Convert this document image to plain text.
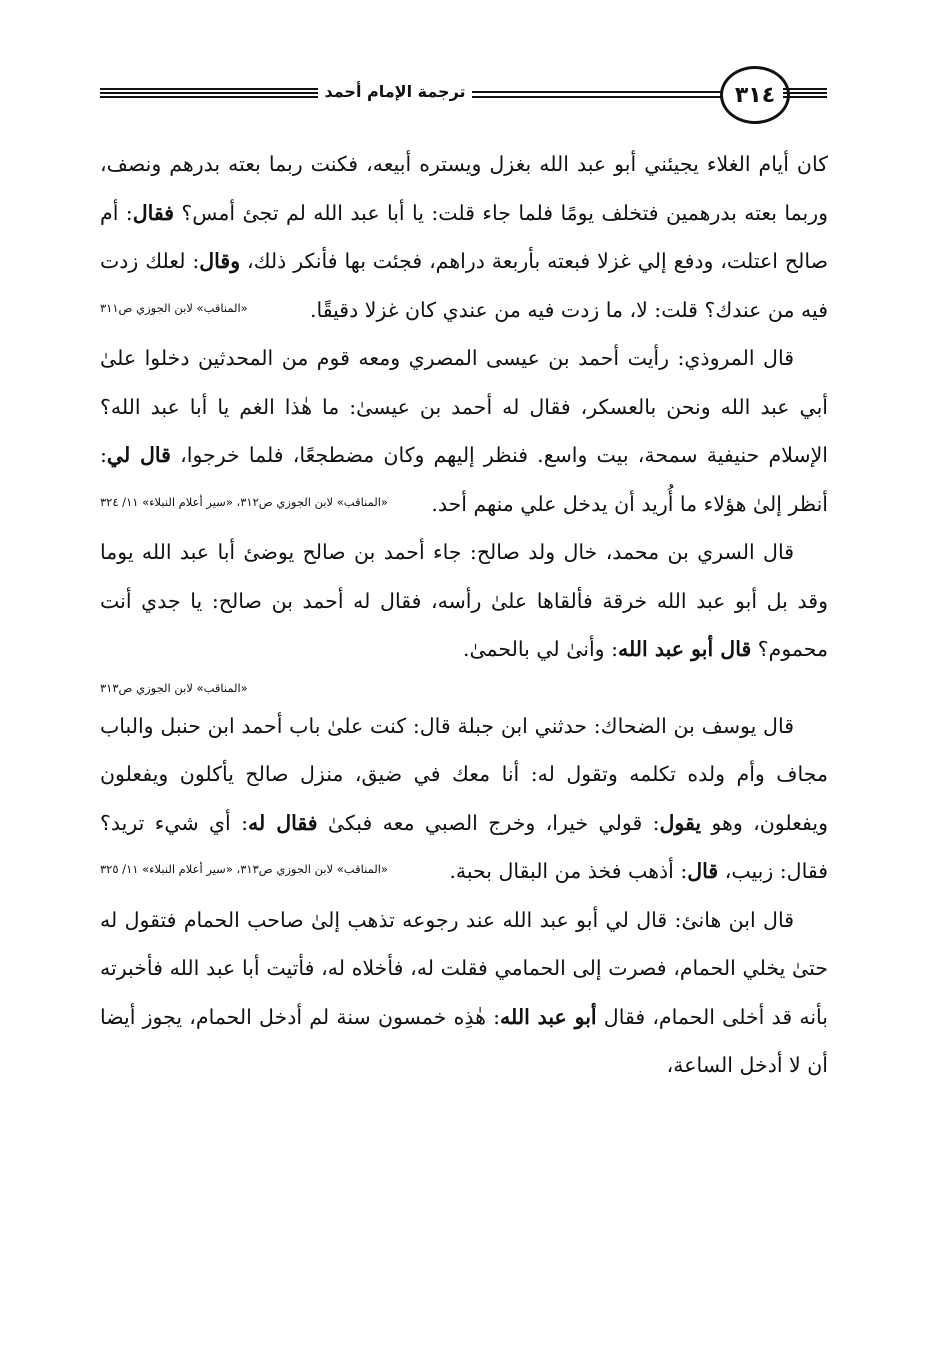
ترجمة الإمام أحمد	٣١٤

كان أيام الغلاء يجيئني أبو عبد الله بغزل ويستره أبيعه، فكنت ربما بعته بدرهم ونصف، وربما بعته بدرهمين فتخلف يومًا فلما جاء قلت: يا أبا عبد الله لم تجئ أمس؟ فقال: أم صالح اعتلت، ودفع إلي غزلا فبعته بأربعة دراهم، فجئت بها فأنكر ذلك، وقال: لعلك زدت فيه من عندك؟ قلت: لا، ما زدت فيه من عندي كان غزلا دقيقًا.
«المناقب» لابن الجوزي ص٣١١

قال المروذي: رأيت أحمد بن عيسى المصري ومعه قوم من المحدثين دخلوا علىٰ أبي عبد الله ونحن بالعسكر، فقال له أحمد بن عيسىٰ: ما هٰذا الغم يا أبا عبد الله؟ الإسلام حنيفية سمحة، بيت واسع. فنظر إليهم وكان مضطجعًا، فلما خرجوا، قال لي: أنظر إلىٰ هؤلاء ما أُريد أن يدخل علي منهم أحد.
«المناقب» لابن الجوزي ص٣١٢، «سير أعلام النبلاء» ١١/ ٣٢٤

قال السري بن محمد، خال ولد صالح: جاء أحمد بن صالح يوضئ أبا عبد الله يوما وقد بل أبو عبد الله خرقة فألقاها علىٰ رأسه، فقال له أحمد بن صالح: يا جدي أنت محموم؟ قال أبو عبد الله: وأنىٰ لي بالحمىٰ.

«المناقب» لابن الجوزي ص٣١٣

قال يوسف بن الضحاك: حدثني ابن جبلة قال: كنت علىٰ باب أحمد ابن حنبل والباب مجاف وأم ولده تكلمه وتقول له: أنا معك في ضيق، منزل صالح يأكلون ويفعلون ويفعلون، وهو يقول: قولي خيرا، وخرج الصبي معه فبكىٰ فقال له: أي شيء تريد؟ فقال: زبيب، قال: أذهب فخذ من البقال بحبة.
«المناقب» لابن الجوزي ص٣١٣، «سير أعلام النبلاء» ١١/ ٣٢٥

قال ابن هانئ: قال لي أبو عبد الله عند رجوعه تذهب إلىٰ صاحب الحمام فتقول له حتىٰ يخلي الحمام، فصرت إلى الحمامي فقلت له، فأخلاه له، فأتيت أبا عبد الله فأخبرته بأنه قد أخلى الحمام، فقال أبو عبد الله: هٰذِه خمسون سنة لم أدخل الحمام، يجوز أيضا أن لا أدخل الساعة،
